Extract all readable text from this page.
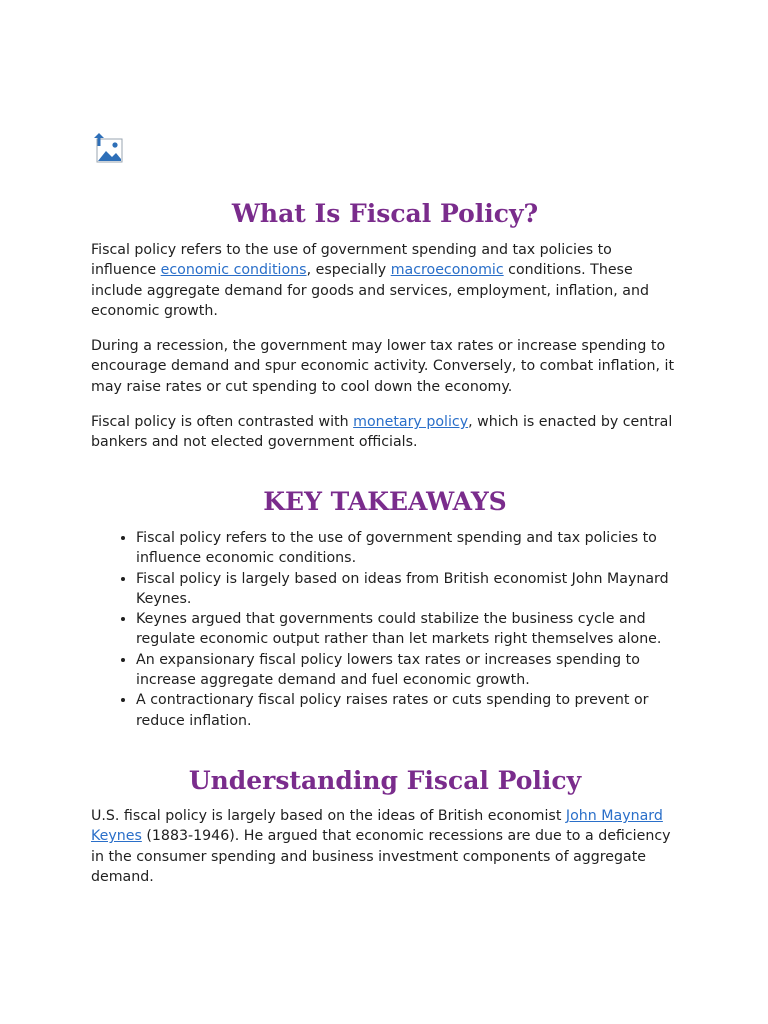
What Is Fiscal Policy?

Fiscal policy refers to the use of government spending and tax policies to influence economic conditions, especially macroeconomic conditions. These include aggregate demand for goods and services, employment, inflation, and economic growth.

During a recession, the government may lower tax rates or increase spending to encourage demand and spur economic activity. Conversely, to combat inflation, it may raise rates or cut spending to cool down the economy.

Fiscal policy is often contrasted with monetary policy, which is enacted by central bankers and not elected government officials.

KEY TAKEAWAYS
• Fiscal policy refers to the use of government spending and tax policies to influence economic conditions.
• Fiscal policy is largely based on ideas from British economist John Maynard Keynes.
• Keynes argued that governments could stabilize the business cycle and regulate economic output rather than let markets right themselves alone.
• An expansionary fiscal policy lowers tax rates or increases spending to increase aggregate demand and fuel economic growth.
• A contractionary fiscal policy raises rates or cuts spending to prevent or reduce inflation.
Understanding Fiscal Policy

U.S. fiscal policy is largely based on the ideas of British economist John Maynard Keynes (1883-1946). He argued that economic recessions are due to a deficiency in the consumer spending and business investment components of aggregate demand.
